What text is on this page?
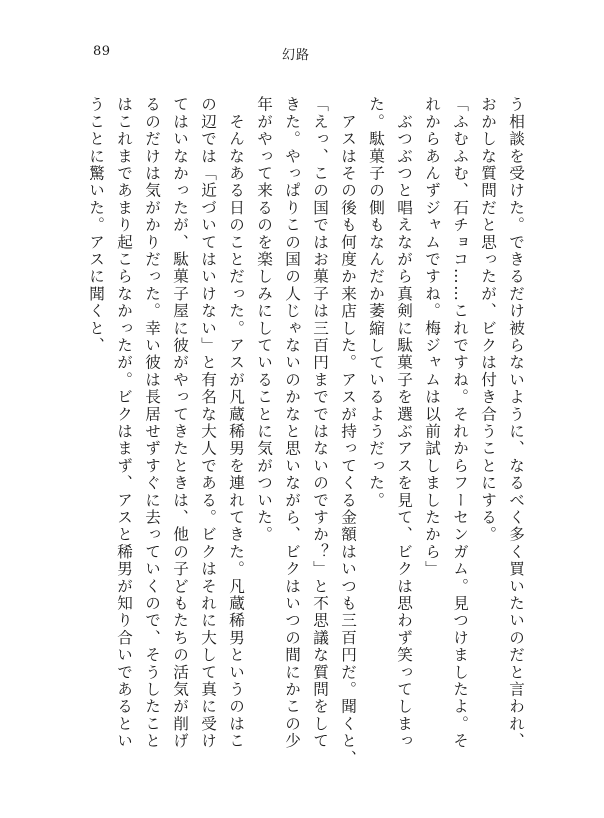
89	幻路
う相談を受けた。できるだけ被らないように、なるべく多く買いたいのだと言われ、
おかしな質問だと思ったが、ビクは付き合うことにする。
「ふむふむ、石チョコ……これですね。それからフーセンガム。見つけましたよ。そ
れからあんずジャムですね。梅ジャムは以前試しましたから」
　ぶつぶつと唱えながら真剣に駄菓子を選ぶアスを見て、ビクは思わず笑ってしまっ
た。駄菓子の側もなんだか萎縮しているようだった。
　アスはその後も何度か来店した。アスが持ってくる金額はいつも三百円だ。聞くと、
「えっ、この国ではお菓子は三百円までではないのですか？」と不思議な質問をして
きた。やっぱりこの国の人じゃないのかなと思いながら、ビクはいつの間にかこの少
年がやって来るのを楽しみにしていることに気がついた。
　そんなある日のことだった。アスが凡蔵稀男を連れてきた。凡蔵稀男というのはこ
の辺では「近づいてはいけない」と有名な大人である。ビクはそれに大して真に受け
てはいなかったが、駄菓子屋に彼がやってきたときは、他の子どもたちの活気が削げ
るのだけは気がかりだった。幸い彼は長居せずすぐに去っていくので、そうしたこと
はこれまであまり起こらなかったが。ビクはまず、アスと稀男が知り合いであるとい
うことに驚いた。アスに聞くと、
